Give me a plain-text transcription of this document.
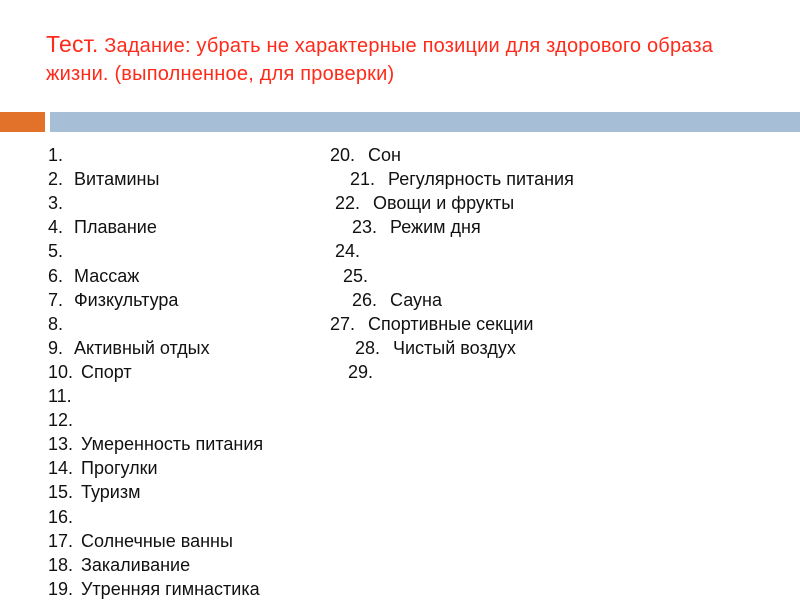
Тест. Задание: убрать не характерные позиции для здорового образа жизни. (выполненное, для проверки)
1.
2. Витамины
3.
4. Плавание
5.
6. Массаж
7. Физкультура
8.
9. Активный отдых
10. Спорт
11.
12.
13. Умеренность питания
14. Прогулки
15. Туризм
16.
17. Солнечные ванны
18. Закаливание
19. Утренняя гимнастика
20. Сон
21. Регулярность питания
22. Овощи и фрукты
23. Режим дня
24.
25.
26. Сауна
27. Спортивные секции
28. Чистый воздух
29.
